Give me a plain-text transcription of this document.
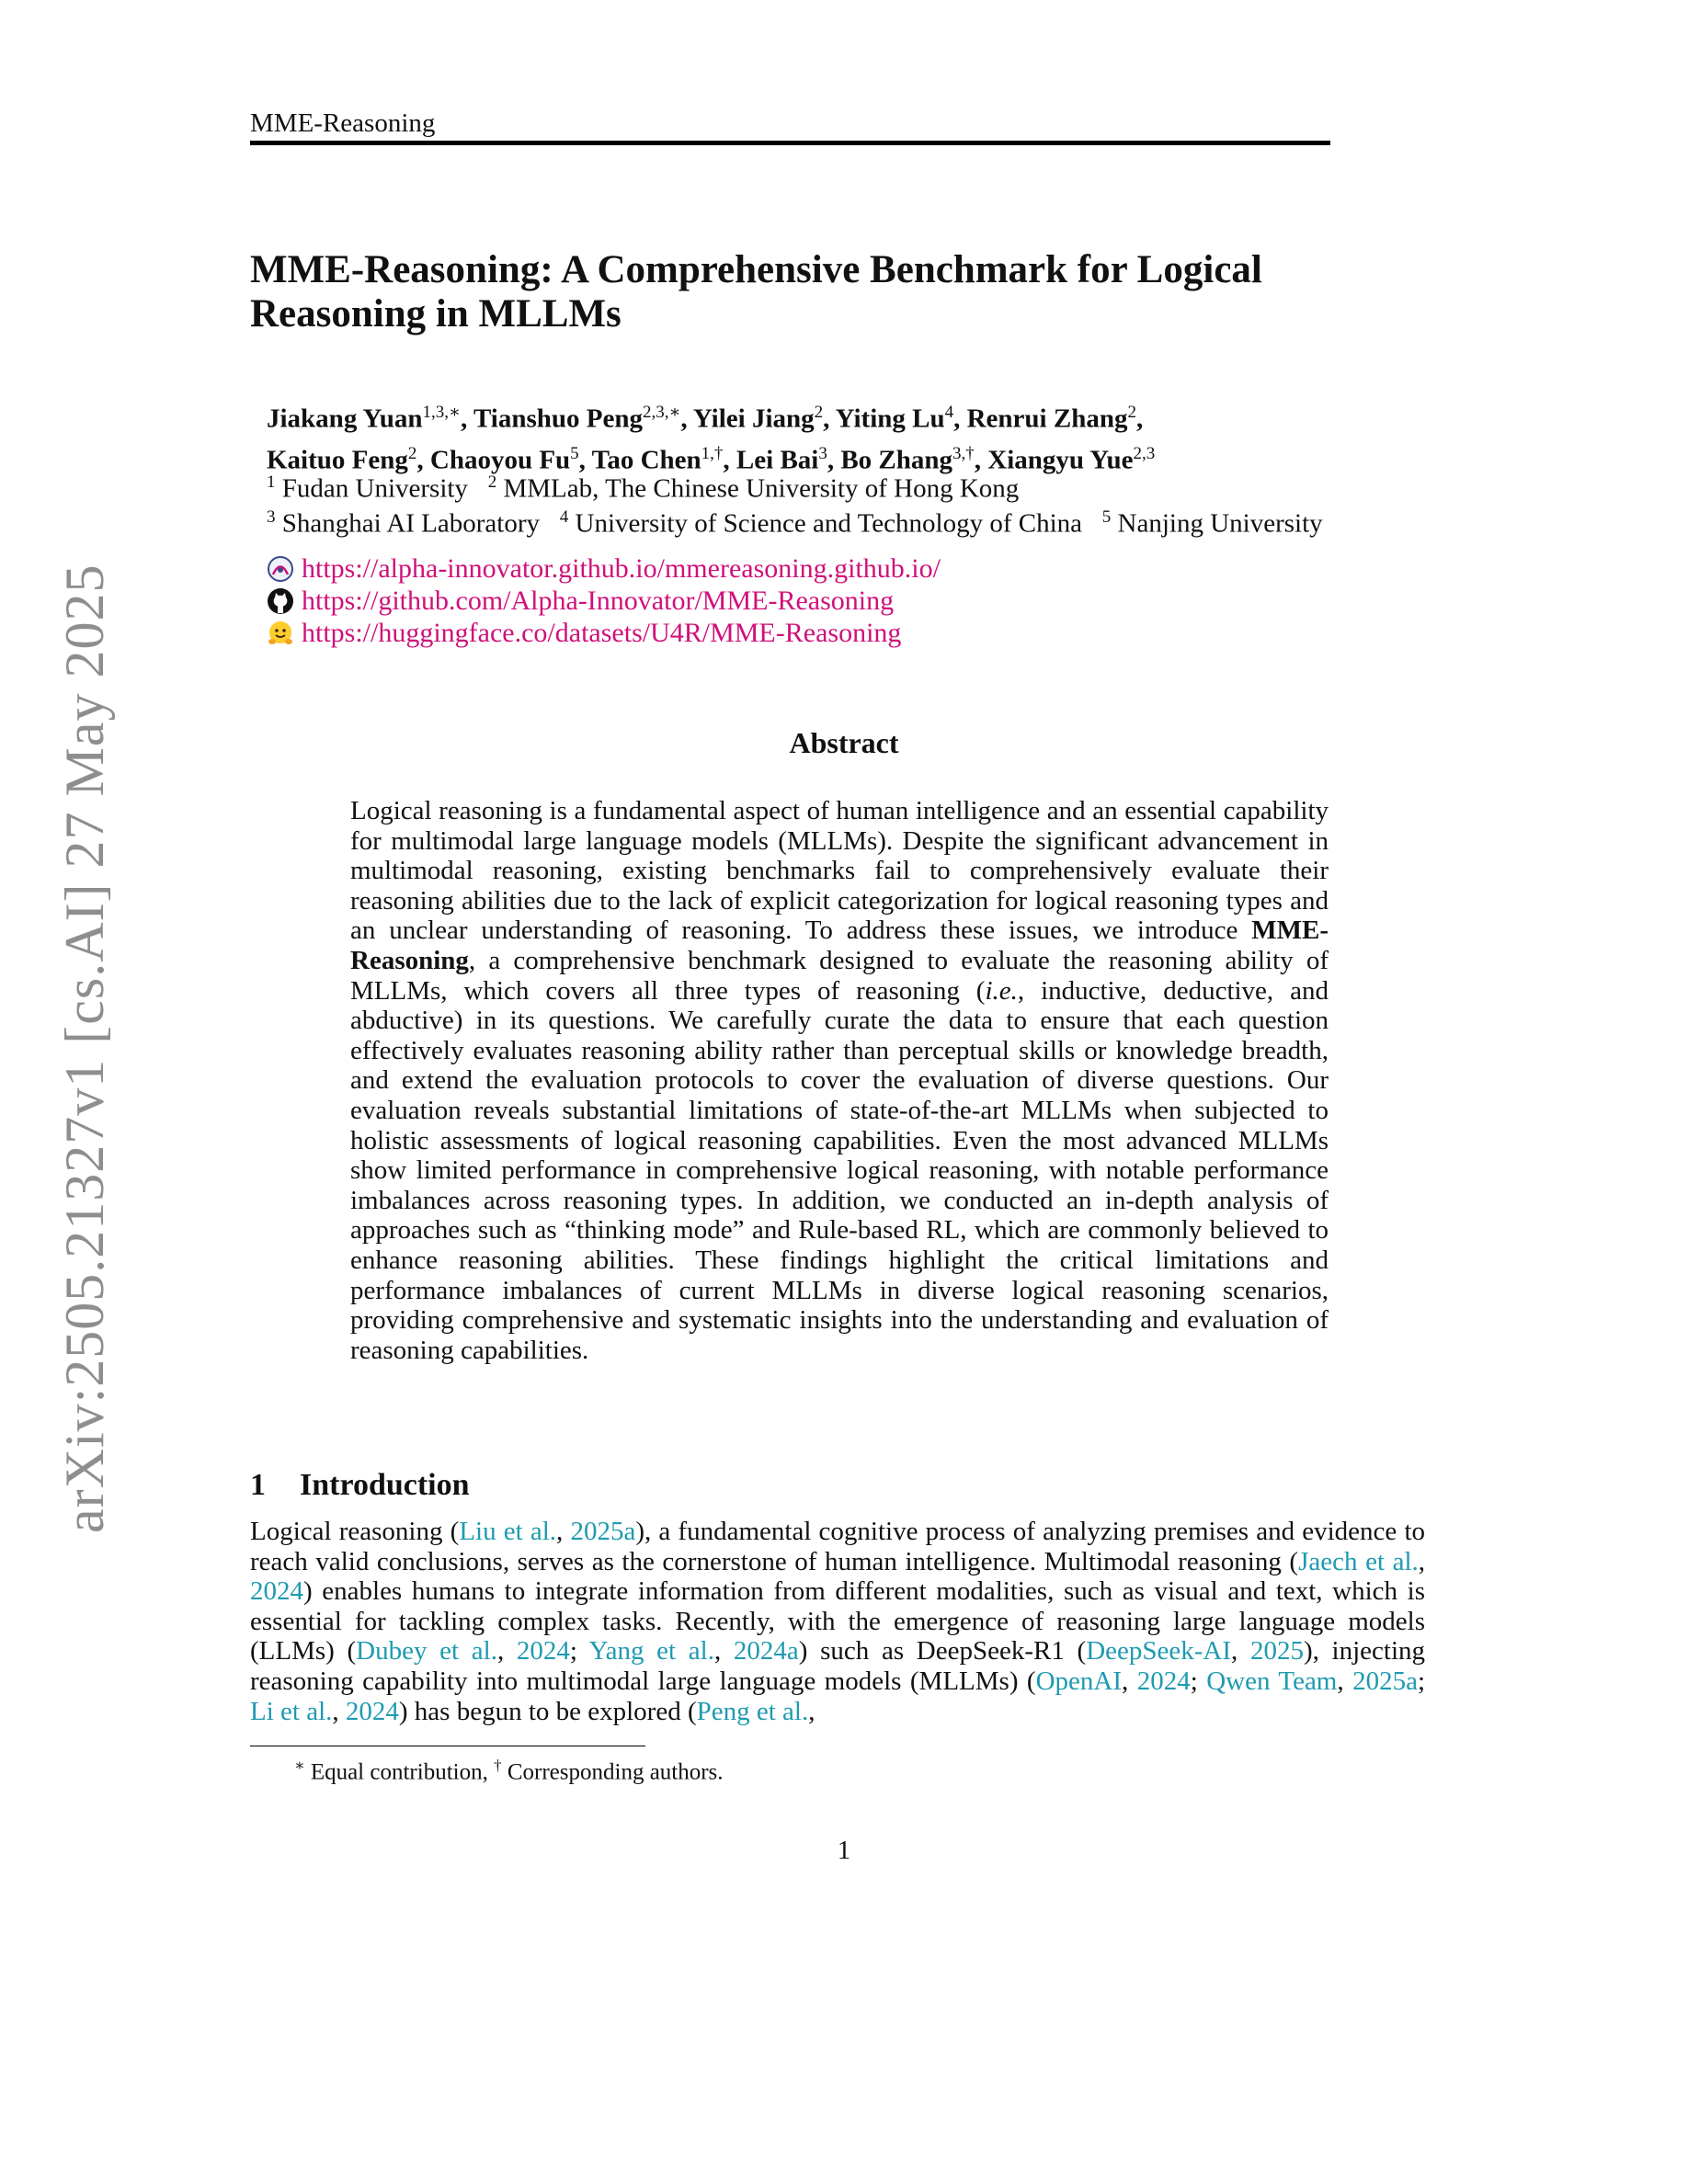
MME-Reasoning
arXiv:2505.21327v1 [cs.AI] 27 May 2025
MME-Reasoning: A Comprehensive Benchmark for Logical Reasoning in MLLMs
Jiakang Yuan$^{1,3,∗}$, Tianshuo Peng$^{2,3,∗}$, Yilei Jiang$^2$, Yiting Lu$^4$, Renrui Zhang$^2$,
Kaituo Feng$^2$, Chaoyou Fu$^5$, Tao Chen$^{1,\dagger}$, Lei Bai$^3$, Bo Zhang$^{3,\dagger}$, Xiangyu Yue$^{2,3}$
$^1$ Fudan University $^2$ MMLab, The Chinese University of Hong Kong
$^3$ Shanghai AI Laboratory $^4$ University of Science and Technology of China $^5$ Nanjing University
https://alpha-innovator.github.io/mmereasoning.github.io/
https://github.com/Alpha-Innovator/MME-Reasoning
https://huggingface.co/datasets/U4R/MME-Reasoning
Abstract

Logical reasoning is a fundamental aspect of human intelligence and an essential capability for multimodal large language models (MLLMs). Despite the significant advancement in multimodal reasoning, existing benchmarks fail to comprehensively evaluate their reasoning abilities due to the lack of explicit categorization for logical reasoning types and an unclear understanding of reasoning. To address these issues, we introduce MME-Reasoning, a comprehensive benchmark designed to evaluate the reasoning ability of MLLMs, which covers all three types of reasoning (i.e., inductive, deductive, and abductive) in its questions. We carefully curate the data to ensure that each question effectively evaluates reasoning ability rather than perceptual skills or knowledge breadth, and extend the evaluation protocols to cover the evaluation of diverse questions. Our evaluation reveals substantial limitations of state-of-the-art MLLMs when subjected to holistic assessments of logical reasoning capabilities. Even the most advanced MLLMs show limited performance in comprehensive logical reasoning, with notable performance imbalances across reasoning types. In addition, we conducted an in-depth analysis of approaches such as “thinking mode” and Rule-based RL, which are commonly believed to enhance reasoning abilities. These findings highlight the critical limitations and performance imbalances of current MLLMs in diverse logical reasoning scenarios, providing comprehensive and systematic insights into the understanding and evaluation of reasoning capabilities.

1 Introduction

Logical reasoning (Liu et al., 2025a), a fundamental cognitive process of analyzing premises and evidence to reach valid conclusions, serves as the cornerstone of human intelligence. Multimodal reasoning (Jaech et al., 2024) enables humans to integrate information from different modalities, such as visual and text, which is essential for tackling complex tasks. Recently, with the emergence of reasoning large language models (LLMs) (Dubey et al., 2024; Yang et al., 2024a) such as DeepSeek-R1 (DeepSeek-AI, 2025), injecting reasoning capability into multimodal large language models (MLLMs) (OpenAI, 2024; Qwen Team, 2025a; Li et al., 2024) has begun to be explored (Peng et al.,

∗ Equal contribution, † Corresponding authors.
1
